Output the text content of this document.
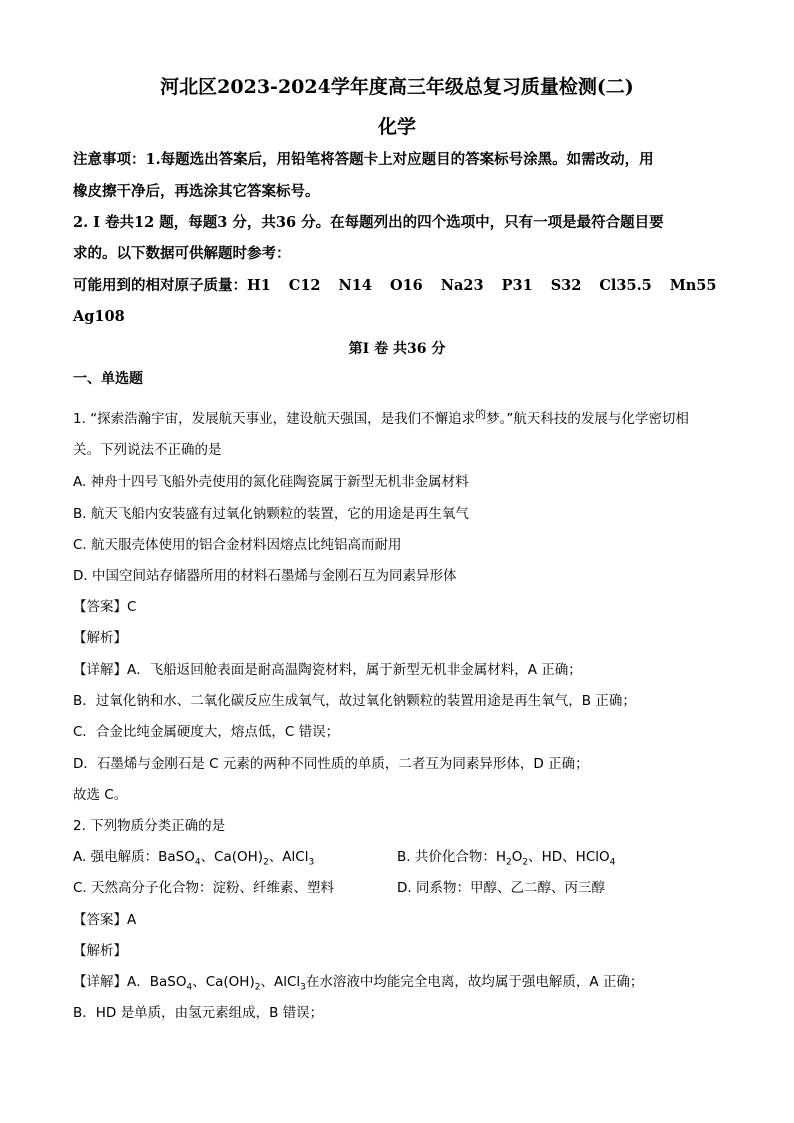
河北区2023-2024学年度高三年级总复习质量检测(二)
化学
注意事项：1.每题选出答案后，用铅笔将答题卡上对应题目的答案标号涂黑。如需改动，用
橡皮擦干净后，再选涂其它答案标号。
2. I 卷共12 题，每题3 分，共36 分。在每题列出的四个选项中，只有一项是最符合题目要
求的。以下数据可供解题时参考：
可能用到的相对原子质量：H1 C12 N14 O16 Na23 P31 S32 Cl35.5 Mn55
Ag108
第I 卷 共36 分
一、单选题
1. “探索浩瀚宇宙，发展航天事业，建设航天强国，是我们不懈追求$^的$梦。”航天科技的发展与化学密切相
关。下列说法不正确的是
A. 神舟十四号飞船外壳使用的氮化硅陶瓷属于新型无机非金属材料
B. 航天飞船内安装盛有过氧化钠颗粒的装置，它的用途是再生氧气
C. 航天服壳体使用的铝合金材料因熔点比纯铝高而耐用
D. 中国空间站存储器所用的材料石墨烯与金刚石互为同素异形体
【答案】C
【解析】
【详解】A．飞船返回舱表面是耐高温陶瓷材料，属于新型无机非金属材料，A 正确；
B．过氧化钠和水、二氧化碳反应生成氧气，故过氧化钠颗粒的装置用途是再生氧气，B 正确；
C．合金比纯金属硬度大，熔点低，C 错误；
D．石墨烯与金刚石是 C 元素的两种不同性质的单质，二者互为同素异形体，D 正确；
故选 C。
2. 下列物质分类正确的是
A. 强电解质：BaSO$_4$、$Ca(OH)_2$、AlCl$_3$	B. 共价化合物：$H_2O_2$、HD、HClO$_4$
C. 天然高分子化合物：淀粉、纤维素、塑料	D. 同系物：甲醇、乙二醇、丙三醇
【答案】A
【解析】
【详解】A．BaSO$_4$、$Ca(OH)_2$、AlCl$_3$在水溶液中均能完全电离，故均属于强电解质，A 正确；
B．HD 是单质，由氢元素组成，B 错误；
